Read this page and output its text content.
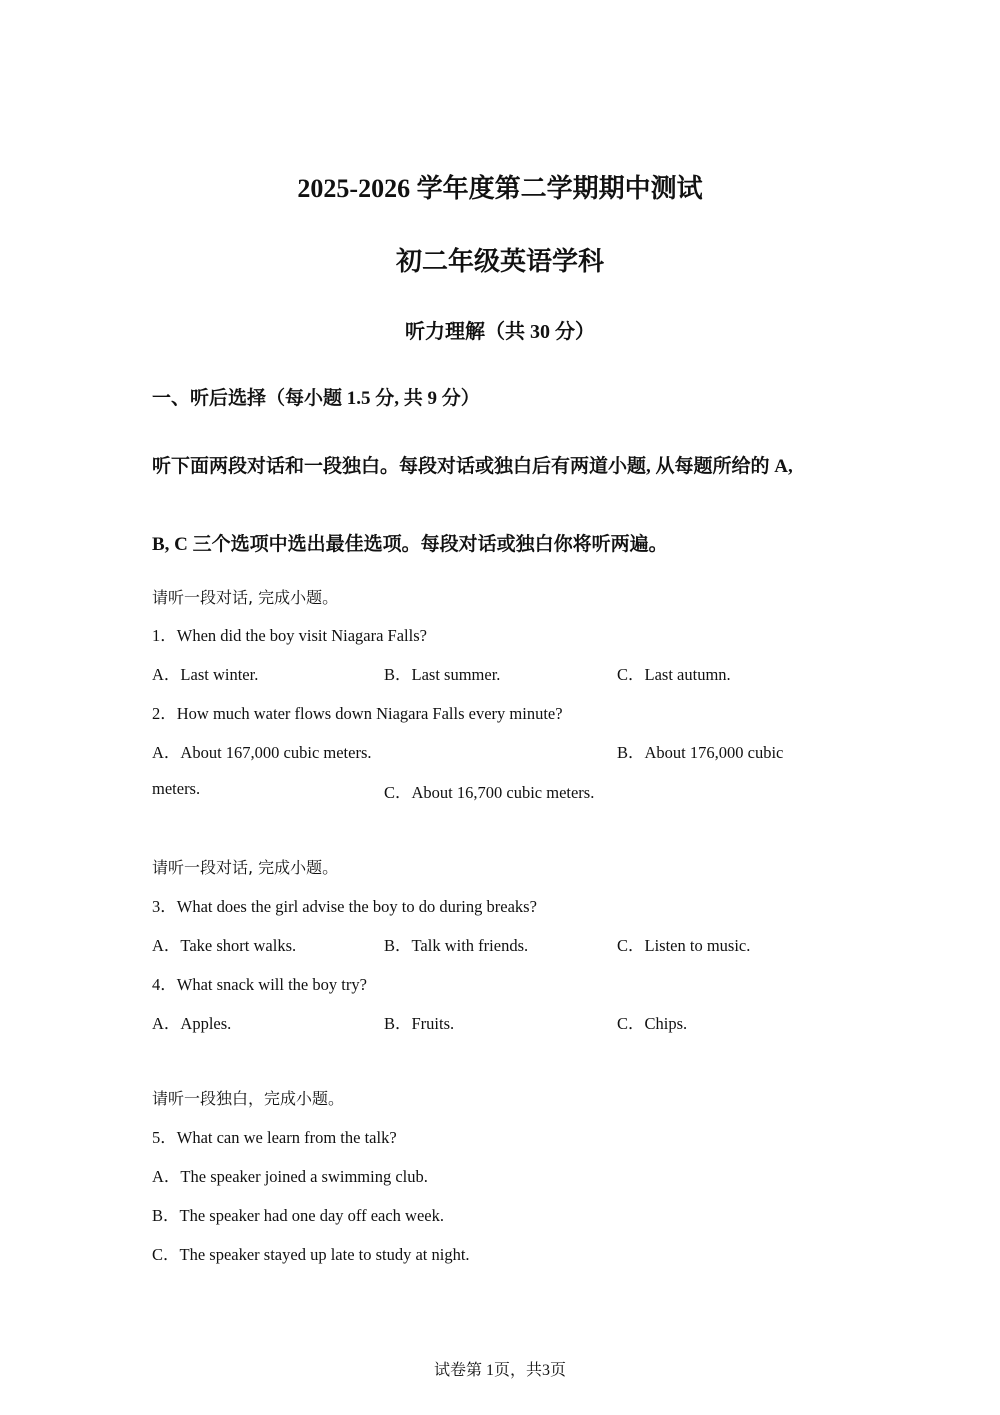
2025-2026 学年度第二学期期中测试
初二年级英语学科
听力理解（共 30 分）
一、听后选择（每小题 1.5 分, 共 9 分）
听下面两段对话和一段独白。每段对话或独白后有两道小题, 从每题所给的 A,
B, C 三个选项中选出最佳选项。每段对话或独白你将听两遍。
请听一段对话, 完成小题。
1．When did the boy visit Niagara Falls?
A．Last winter.	B．Last summer.	C．Last autumn.
2．How much water flows down Niagara Falls every minute?
A．About 167,000 cubic meters.	B．About 176,000 cubic
meters.	C．About 16,700 cubic meters.
请听一段对话, 完成小题。
3．What does the girl advise the boy to do during breaks?
A．Take short walks.	B．Talk with friends.	C．Listen to music.
4．What snack will the boy try?
A．Apples.	B．Fruits.	C．Chips.
请听一段独白，完成小题。
5．What can we learn from the talk?
A．The speaker joined a swimming club.
B．The speaker had one day off each week.
C．The speaker stayed up late to study at night.
试卷第 1页，共3页
